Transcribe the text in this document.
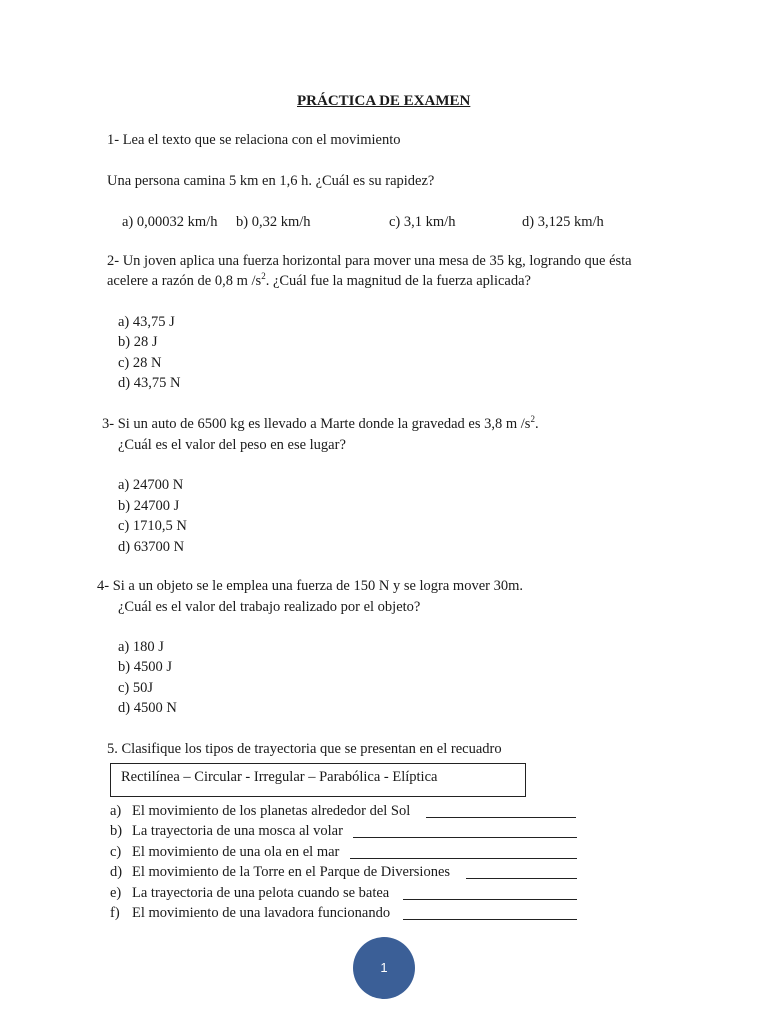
PRÁCTICA DE EXAMEN
1- Lea el texto que se relaciona con el movimiento
Una persona camina 5 km en 1,6 h. ¿Cuál es su rapidez?
a) 0,00032 km/h b) 0,32 km/h	c) 3,1 km/h	d) 3,125 km/h
2- Un joven aplica una fuerza horizontal para mover una mesa de 35 kg, logrando que ésta
acelere a razón de 0,8 m $/s^2$. ¿Cuál fue la magnitud de la fuerza aplicada?
a) 43,75 J
b) 28 J
c) 28 N
d) 43,75 N
3- Si un auto de 6500 kg es llevado a Marte donde la gravedad es 3,8 m $/s^2$.
¿Cuál es el valor del peso en ese lugar?
a) 24700 N
b) 24700 J
c) 1710,5 N
d) 63700 N
4- Si a un objeto se le emplea una fuerza de 150 N y se logra mover 30m.
¿Cuál es el valor del trabajo realizado por el objeto?
a) 180 J
b) 4500 J
c) 50J
d) 4500 N
5. Clasifique los tipos de trayectoria que se presentan en el recuadro
Rectilínea – Circular - Irregular – Parabólica - Elíptica
a) El movimiento de los planetas alrededor del Sol
b) La trayectoria de una mosca al volar
c) El movimiento de una ola en el mar
d) El movimiento de la Torre en el Parque de Diversiones
e) La trayectoria de una pelota cuando se batea
f) El movimiento de una lavadora funcionando
1
